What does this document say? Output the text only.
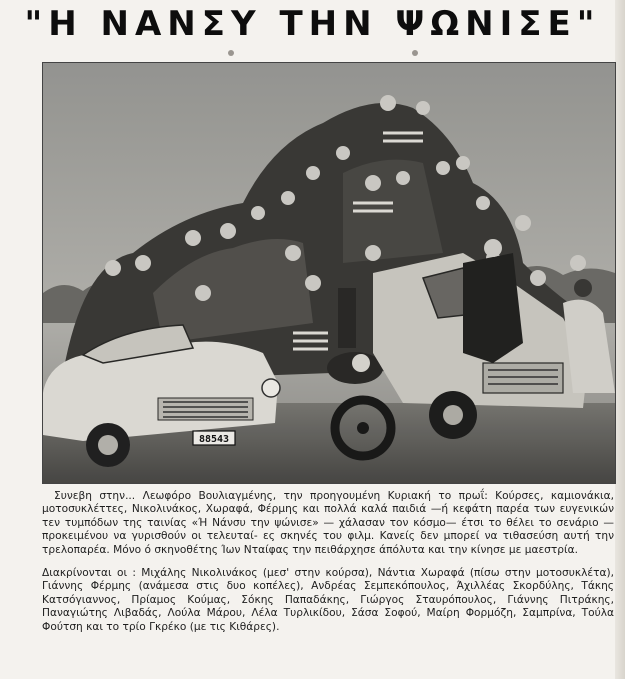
"Η ΝΑΝΣΥ ΤΗΝ ΨΩΝΙΣΕ"
88543
Συνεβη στην... Λεωφόρο Βουλιαγμένης, την προηγουμένη Κυριακή το πρωΐ: Κούρσες, καμιονάκια, μοτοσυκλέττες, Νικολινάκος, Χωραφά, Φέρμης και πολλά καλά παιδιά —ή κεφάτη παρέα των ευγενικών τεν τυμπόδων της ταινίας «Ή Νάνσυ την ψώνισε» — χάλασαν τον κόσμο— έτσι το θέλει το σενάριο — προκειμένου να γυρισθούν οι τελευταί- ες σκηνές του φιλμ. Κανείς δεν μπορεί να τιθασεύση αυτή την τρελοπαρέα. Μόνο ό σκηνοθέτης Ίων Νταίφας την πειθάρχησε άπόλυτα και την κίνησε με μαεστρία.
Διακρίνονται οι : Μιχάλης Νικολινάκος (μεσ' στην κούρσα), Νάντια Χωραφά (πίσω στην μοτοσυκλέτα), Γιάννης Φέρμης (ανάμεσα στις δυο κοπέλες), Ανδρέας Σεμπεκόπουλος, Άχιλλέας Σκορδύλης, Τάκης Κατσόγιαννος, Πρίαμος Κούμας, Σόκης Παπαδάκης, Γιώργος Σταυρόπουλος, Γιάννης Πιτράκης, Παναγιώτης Λιβαδάς, Λούλα Μάρου, Λέλα Τυρλικίδου, Σάσα Σοφού, Μαίρη Φορμόζη, Σαμπρίνα, Τούλα Φούτση και το τρίο Γκρέκο (με τις Κιθάρες).
